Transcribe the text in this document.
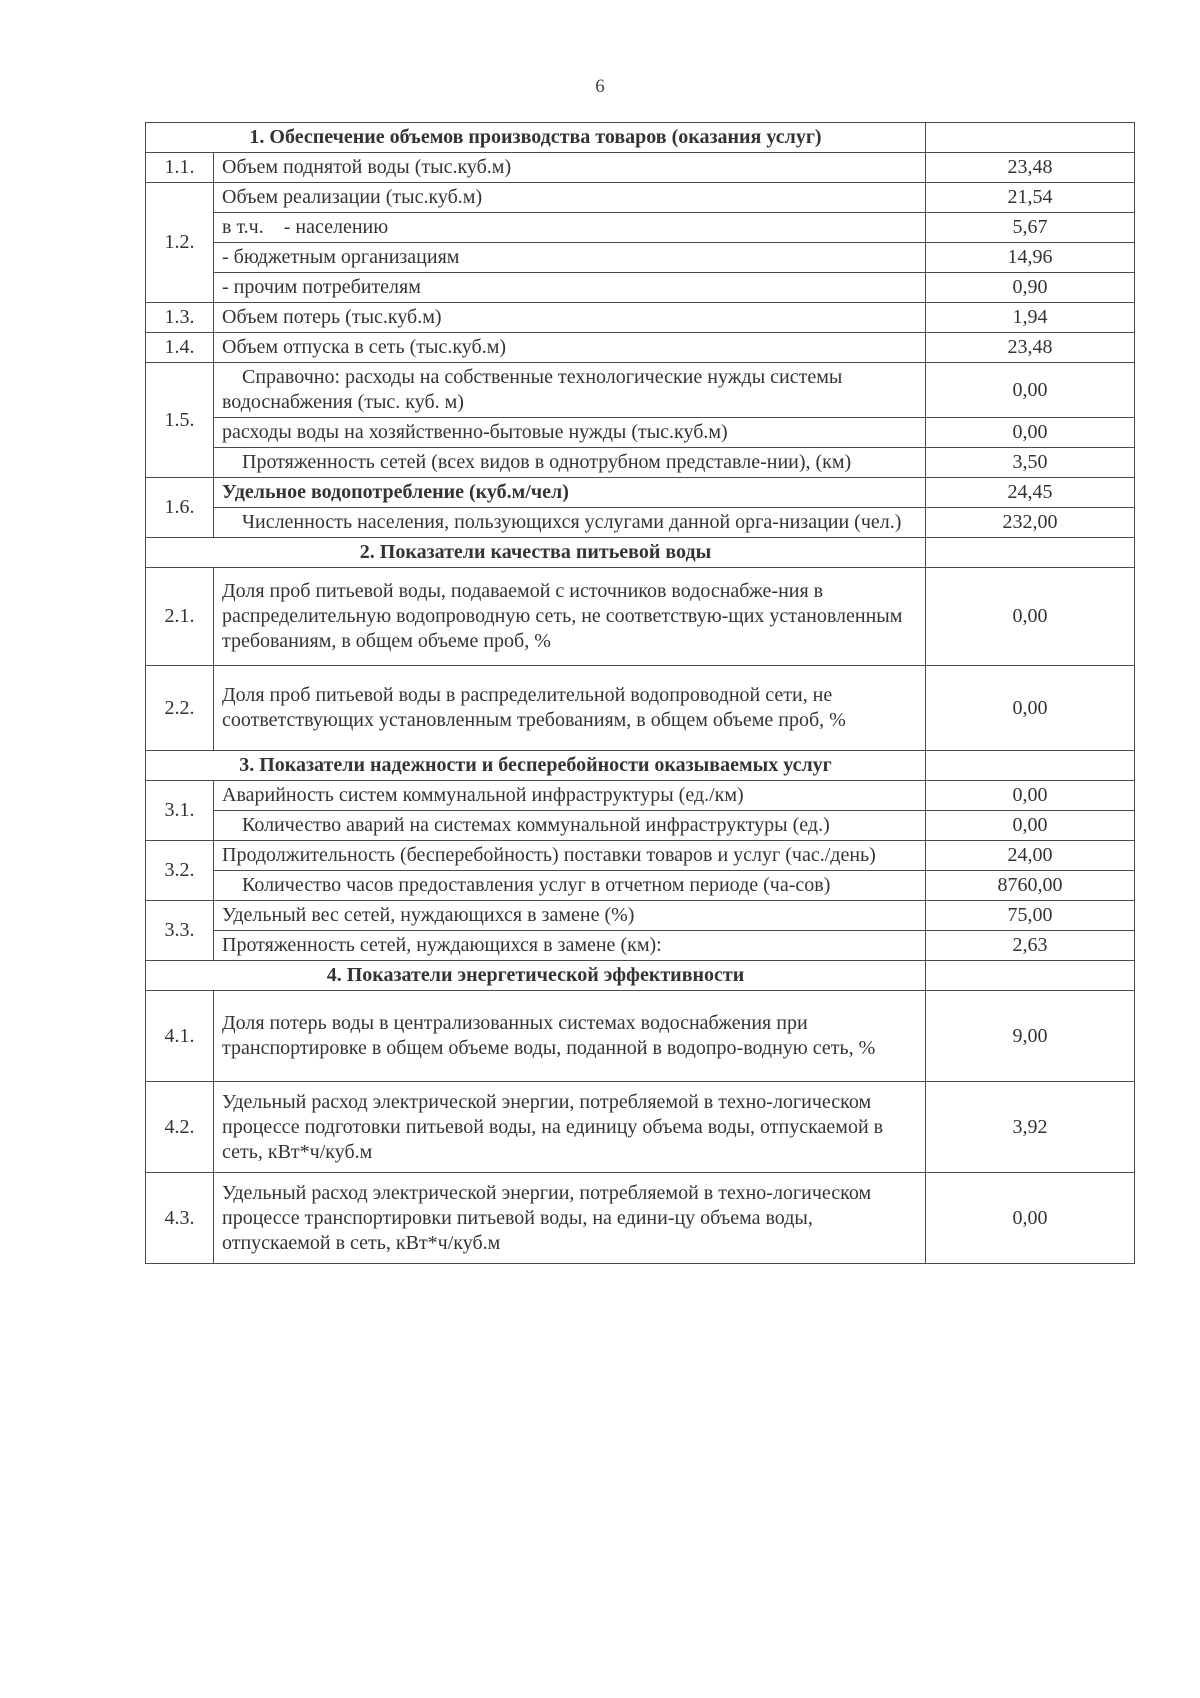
6
1. Обеспечение объемов производства товаров (оказания услуг)		
1.1.	Объем поднятой воды (тыс.куб.м)	23,48
1.2.	Объем реализации (тыс.куб.м)	21,54
	в т.ч.    - населению	5,67
	- бюджетным организациям	14,96
	- прочим потребителям	0,90
1.3.	Объем потерь (тыс.куб.м)	1,94
1.4.	Объем отпуска в сеть (тыс.куб.м)	23,48
1.5.	Справочно: расходы на собственные технологические нужды системы водоснабжения (тыс. куб. м)	0,00
	расходы воды на хозяйственно-бытовые нужды (тыс.куб.м)	0,00
	Протяженность сетей (всех видов в однотрубном представле-нии), (км)	3,50
1.6.	Удельное водопотребление (куб.м/чел)	24,45
	Численность населения, пользующихся услугами данной орга-низации (чел.)	232,00
2. Показатели качества питьевой воды		
2.1.	Доля проб питьевой воды, подаваемой с источников водоснабже-ния в распределительную водопроводную сеть, не соответствую-щих установленным требованиям, в общем объеме проб, %	0,00
2.2.	Доля проб питьевой воды в распределительной водопроводной сети, не соответствующих установленным требованиям, в общем объеме проб, %	0,00
3. Показатели надежности и бесперебойности оказываемых услуг		
3.1.	Аварийность систем коммунальной инфраструктуры (ед./км)	0,00
	Количество аварий на системах коммунальной инфраструктуры (ед.)	0,00
3.2.	Продолжительность (бесперебойность) поставки товаров и услуг (час./день)	24,00
	Количество часов предоставления услуг в отчетном периоде (ча-сов)	8760,00
3.3.	Удельный вес сетей, нуждающихся в замене (%)	75,00
	Протяженность сетей, нуждающихся в замене (км):	2,63
4. Показатели энергетической эффективности		
4.1.	Доля потерь воды в централизованных системах водоснабжения при транспортировке в общем объеме воды, поданной в водопро-водную сеть, %	9,00
4.2.	Удельный расход электрической энергии, потребляемой в техно-логическом процессе подготовки питьевой воды, на единицу объема воды, отпускаемой в сеть, кВт*ч/куб.м	3,92
4.3.	Удельный расход электрической энергии, потребляемой в техно-логическом процессе транспортировки питьевой воды, на едини-цу объема воды, отпускаемой в сеть, кВт*ч/куб.м	0,00
